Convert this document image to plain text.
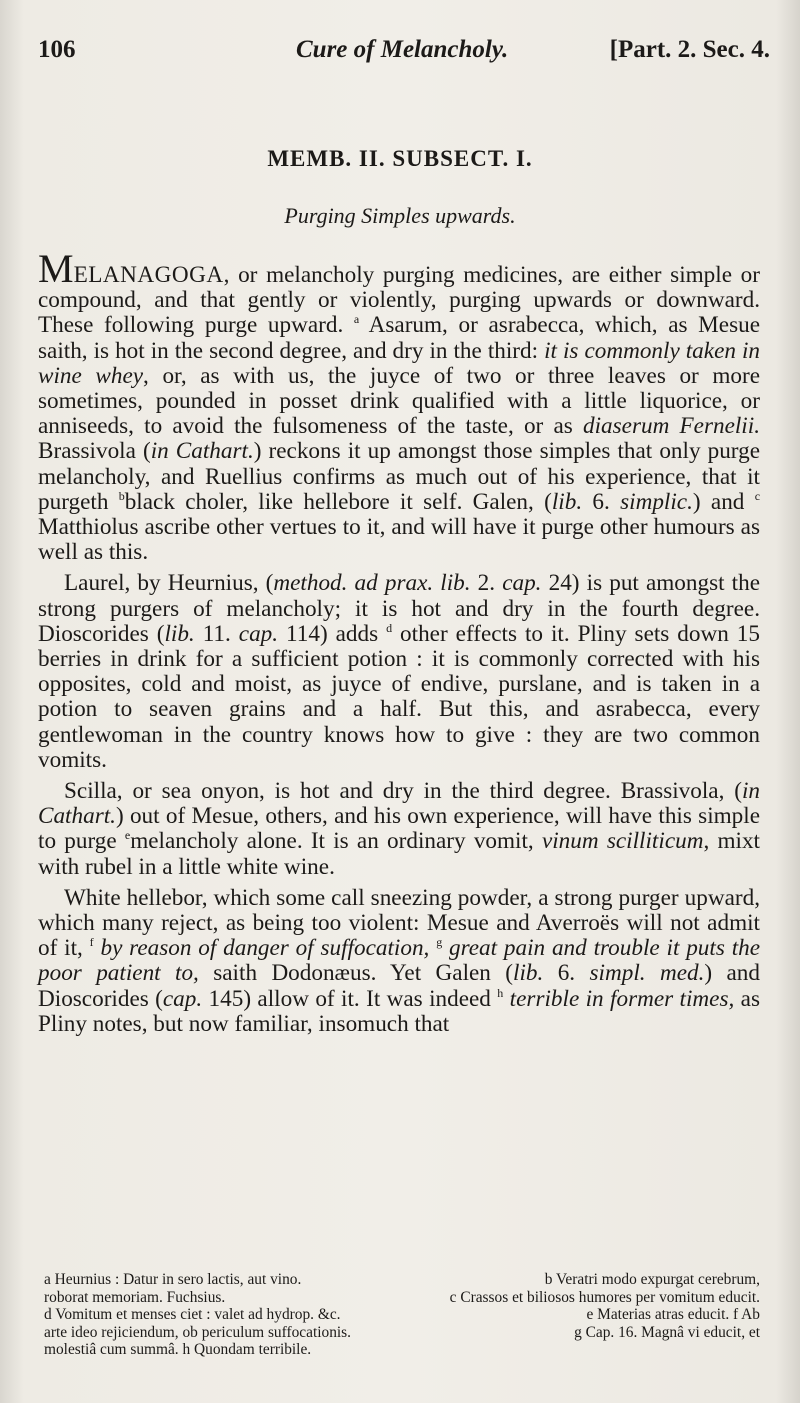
106	Cure of Melancholy.	[Part. 2. Sec. 4.
MEMB. II. SUBSECT. I.
Purging Simples upwards.

MELANAGOGA, or melancholy purging medicines, are either simple or compound, and that gently or violently, purging upwards or downward. These following purge upward. $^a$ Asarum, or asrabecca, which, as Mesue saith, is hot in the second degree, and dry in the third: it is commonly taken in wine whey, or, as with us, the juyce of two or three leaves or more sometimes, pounded in posset drink qualified with a little liquorice, or anniseeds, to avoid the fulsomeness of the taste, or as diaserum Fernelii. Brassivola (in Cathart.) reckons it up amongst those simples that only purge melancholy, and Ruellius confirms as much out of his experience, that it purgeth $^b$black choler, like hellebore it self. Galen, (lib. 6. simplic.) and $^c$ Matthiolus ascribe other vertues to it, and will have it purge other humours as well as this.

Laurel, by Heurnius, (method. ad prax. lib. 2. cap. 24) is put amongst the strong purgers of melancholy; it is hot and dry in the fourth degree. Dioscorides (lib. 11. cap. 114) adds $^d$ other effects to it. Pliny sets down 15 berries in drink for a sufficient potion : it is commonly corrected with his opposites, cold and moist, as juyce of endive, purslane, and is taken in a potion to seaven grains and a half. But this, and asrabecca, every gentlewoman in the country knows how to give : they are two common vomits.

Scilla, or sea onyon, is hot and dry in the third degree. Brassivola, (in Cathart.) out of Mesue, others, and his own experience, will have this simple to purge $^e$melancholy alone. It is an ordinary vomit, vinum scilliticum, mixt with rubel in a little white wine.

White hellebor, which some call sneezing powder, a strong purger upward, which many reject, as being too violent: Mesue and Averroës will not admit of it, $^f$ by reason of danger of suffocation, $^g$ great pain and trouble it puts the poor patient to, saith Dodonæus. Yet Galen (lib. 6. simpl. med.) and Dioscorides (cap. 145) allow of it. It was indeed $^h$ terrible in former times, as Pliny notes, but now familiar, insomuch that

a Heurnius : Datur in sero lactis, aut vino.	b Veratri modo expurgat cerebrum,
roborat memoriam. Fuchsius.	c Crassos et biliosos humores per vomitum educit.
d Vomitum et menses ciet : valet ad hydrop. &c.	e Materias atras educit. f Ab
arte ideo rejiciendum, ob periculum suffocationis.	g Cap. 16. Magnâ vi educit, et
molestiâ cum summâ. h Quondam terribile.
